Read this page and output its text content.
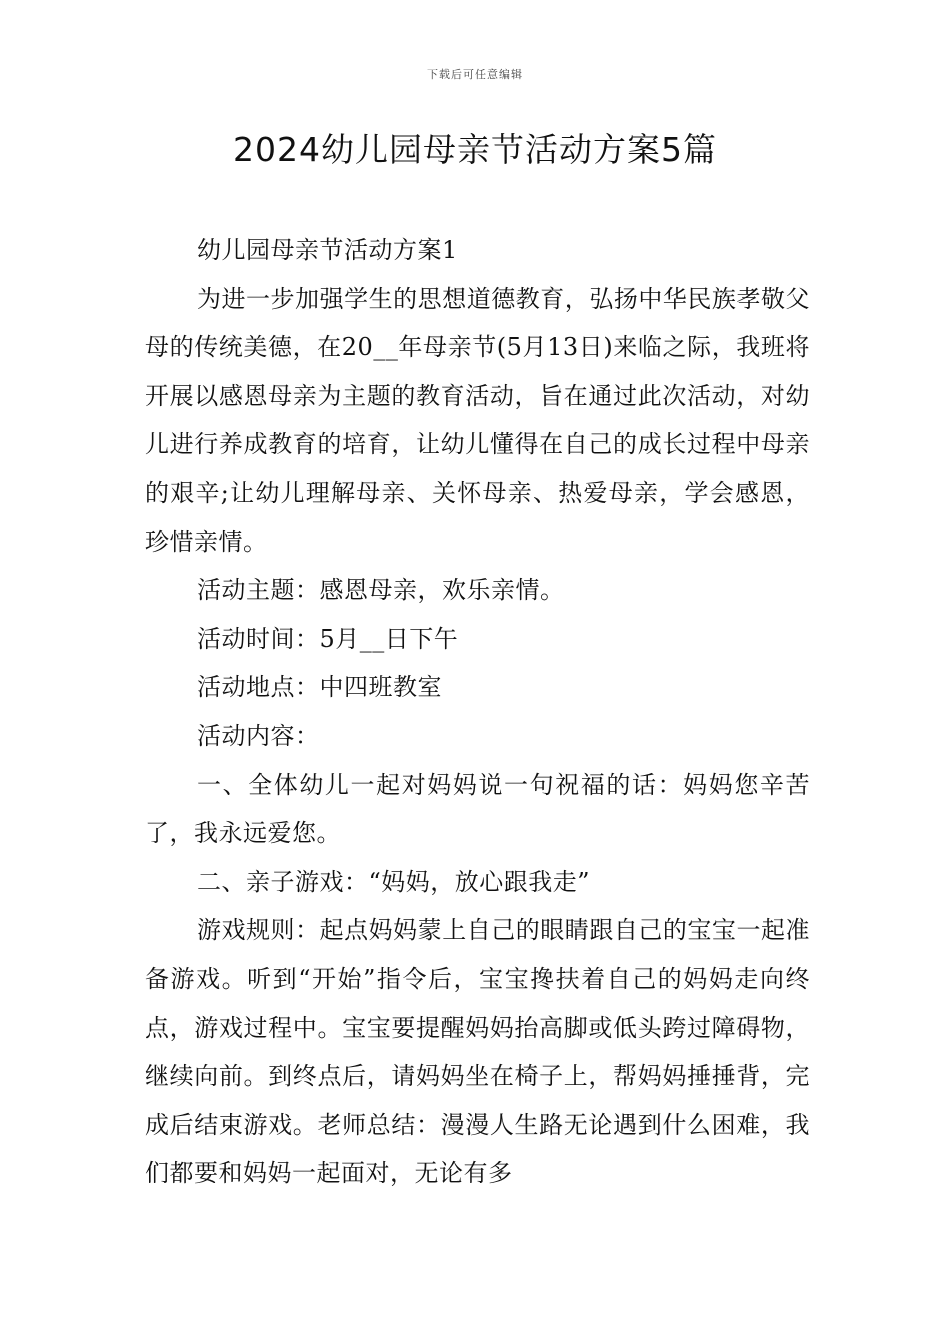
下载后可任意编辑
2024幼儿园母亲节活动方案5篇

幼儿园母亲节活动方案1

为进一步加强学生的思想道德教育，弘扬中华民族孝敬父母的传统美德，在20__年母亲节(5月13日)来临之际，我班将开展以感恩母亲为主题的教育活动，旨在通过此次活动，对幼儿进行养成教育的培育，让幼儿懂得在自己的成长过程中母亲的艰辛;让幼儿理解母亲、关怀母亲、热爱母亲，学会感恩，珍惜亲情。

活动主题：感恩母亲，欢乐亲情。

活动时间：5月__日下午

活动地点：中四班教室

活动内容：

一、全体幼儿一起对妈妈说一句祝福的话：妈妈您辛苦了，我永远爱您。

二、亲子游戏：“妈妈，放心跟我走”

游戏规则：起点妈妈蒙上自己的眼睛跟自己的宝宝一起准备游戏。听到“开始”指令后，宝宝搀扶着自己的妈妈走向终点，游戏过程中。宝宝要提醒妈妈抬高脚或低头跨过障碍物，继续向前。到终点后，请妈妈坐在椅子上，帮妈妈捶捶背，完成后结束游戏。老师总结：漫漫人生路无论遇到什么困难，我们都要和妈妈一起面对，无论有多
